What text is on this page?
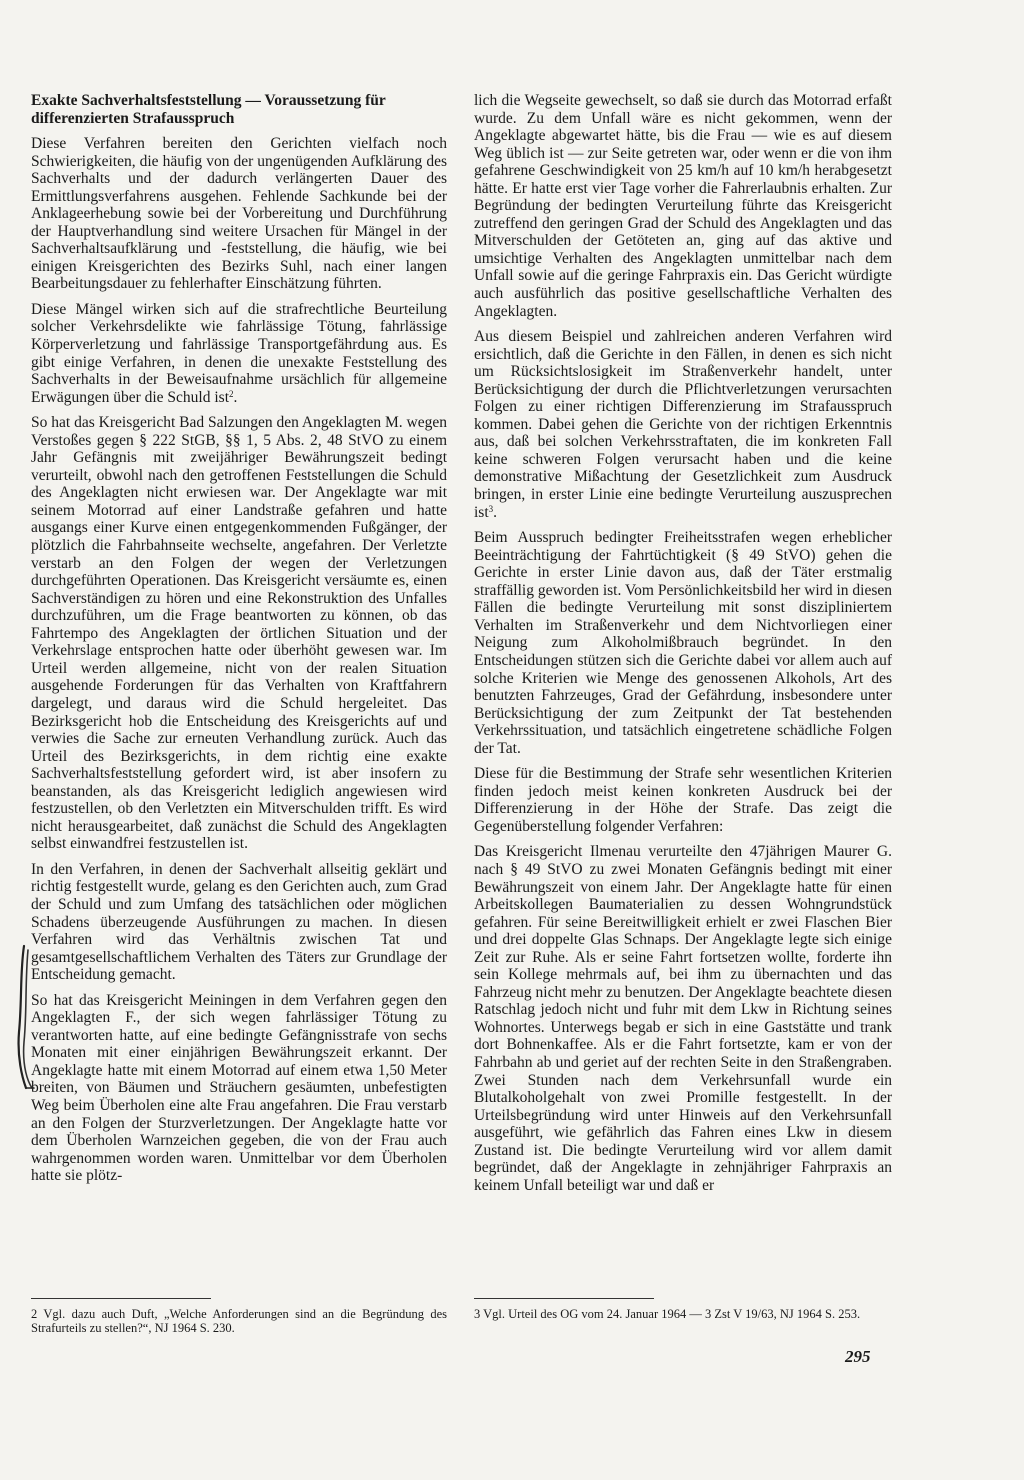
Exakte Sachverhaltsfeststellung — Voraussetzung für
differenzierten Strafausspruch

Diese Verfahren bereiten den Gerichten vielfach noch Schwierigkeiten, die häufig von der ungenügenden Aufklärung des Sachverhalts und der dadurch verlängerten Dauer des Ermittlungsverfahrens ausgehen. Fehlende Sachkunde bei der Anklageerhebung sowie bei der Vorbereitung und Durchführung der Hauptverhandlung sind weitere Ursachen für Mängel in der Sachverhaltsaufklärung und -feststellung, die häufig, wie bei einigen Kreisgerichten des Bezirks Suhl, nach einer langen Bearbeitungsdauer zu fehlerhafter Einschätzung führten.

Diese Mängel wirken sich auf die strafrechtliche Beurteilung solcher Verkehrsdelikte wie fahrlässige Tötung, fahrlässige Körperverletzung und fahrlässige Transportgefährdung aus. Es gibt einige Verfahren, in denen die unexakte Feststellung des Sachverhalts in der Beweisaufnahme ursächlich für allgemeine Erwägungen über die Schuld ist$^2$.

So hat das Kreisgericht Bad Salzungen den Angeklagten M. wegen Verstoßes gegen § 222 StGB, §§ 1, 5 Abs. 2, 48 StVO zu einem Jahr Gefängnis mit zweijähriger Bewährungszeit bedingt verurteilt, obwohl nach den getroffenen Feststellungen die Schuld des Angeklagten nicht erwiesen war. Der Angeklagte war mit seinem Motorrad auf einer Landstraße gefahren und hatte ausgangs einer Kurve einen entgegenkommenden Fußgänger, der plötzlich die Fahrbahnseite wechselte, angefahren. Der Verletzte verstarb an den Folgen der wegen der Verletzungen durchgeführten Operationen. Das Kreisgericht versäumte es, einen Sachverständigen zu hören und eine Rekonstruktion des Unfalles durchzuführen, um die Frage beantworten zu können, ob das Fahrtempo des Angeklagten der örtlichen Situation und der Verkehrslage entsprochen hatte oder überhöht gewesen war. Im Urteil werden allgemeine, nicht von der realen Situation ausgehende Forderungen für das Verhalten von Kraftfahrern dargelegt, und daraus wird die Schuld hergeleitet. Das Bezirksgericht hob die Entscheidung des Kreisgerichts auf und verwies die Sache zur erneuten Verhandlung zurück. Auch das Urteil des Bezirksgerichts, in dem richtig eine exakte Sachverhaltsfeststellung gefordert wird, ist aber insofern zu beanstanden, als das Kreisgericht lediglich angewiesen wird festzustellen, ob den Verletzten ein Mitverschulden trifft. Es wird nicht herausgearbeitet, daß zunächst die Schuld des Angeklagten selbst einwandfrei festzustellen ist.

In den Verfahren, in denen der Sachverhalt allseitig geklärt und richtig festgestellt wurde, gelang es den Gerichten auch, zum Grad der Schuld und zum Umfang des tatsächlichen oder möglichen Schadens überzeugende Ausführungen zu machen. In diesen Verfahren wird das Verhältnis zwischen Tat und gesamtgesellschaftlichem Verhalten des Täters zur Grundlage der Entscheidung gemacht.

So hat das Kreisgericht Meiningen in dem Verfahren gegen den Angeklagten F., der sich wegen fahrlässiger Tötung zu verantworten hatte, auf eine bedingte Gefängnisstrafe von sechs Monaten mit einer einjährigen Bewährungszeit erkannt. Der Angeklagte hatte mit einem Motorrad auf einem etwa 1,50 Meter breiten, von Bäumen und Sträuchern gesäumten, unbefestigten Weg beim Überholen eine alte Frau angefahren. Die Frau verstarb an den Folgen der Sturzverletzungen. Der Angeklagte hatte vor dem Überholen Warnzeichen gegeben, die von der Frau auch wahrgenommen worden waren. Unmittelbar vor dem Überholen hatte sie plötz-

lich die Wegseite gewechselt, so daß sie durch das Motorrad erfaßt wurde. Zu dem Unfall wäre es nicht gekommen, wenn der Angeklagte abgewartet hätte, bis die Frau — wie es auf diesem Weg üblich ist — zur Seite getreten war, oder wenn er die von ihm gefahrene Geschwindigkeit von 25 km/h auf 10 km/h herabgesetzt hätte. Er hatte erst vier Tage vorher die Fahrerlaubnis erhalten. Zur Begründung der bedingten Verurteilung führte das Kreisgericht zutreffend den geringen Grad der Schuld des Angeklagten und das Mitverschulden der Getöteten an, ging auf das aktive und umsichtige Verhalten des Angeklagten unmittelbar nach dem Unfall sowie auf die geringe Fahrpraxis ein. Das Gericht würdigte auch ausführlich das positive gesellschaftliche Verhalten des Angeklagten.

Aus diesem Beispiel und zahlreichen anderen Verfahren wird ersichtlich, daß die Gerichte in den Fällen, in denen es sich nicht um Rücksichtslosigkeit im Straßenverkehr handelt, unter Berücksichtigung der durch die Pflichtverletzungen verursachten Folgen zu einer richtigen Differenzierung im Strafausspruch kommen. Dabei gehen die Gerichte von der richtigen Erkenntnis aus, daß bei solchen Verkehrsstraftaten, die im konkreten Fall keine schweren Folgen verursacht haben und die keine demonstrative Mißachtung der Gesetzlichkeit zum Ausdruck bringen, in erster Linie eine bedingte Verurteilung auszusprechen ist$^3$.

Beim Ausspruch bedingter Freiheitsstrafen wegen erheblicher Beeinträchtigung der Fahrtüchtigkeit (§ 49 StVO) gehen die Gerichte in erster Linie davon aus, daß der Täter erstmalig straffällig geworden ist. Vom Persönlichkeitsbild her wird in diesen Fällen die bedingte Verurteilung mit sonst diszipliniertem Verhalten im Straßenverkehr und dem Nichtvorliegen einer Neigung zum Alkoholmißbrauch begründet. In den Entscheidungen stützen sich die Gerichte dabei vor allem auch auf solche Kriterien wie Menge des genossenen Alkohols, Art des benutzten Fahrzeuges, Grad der Gefährdung, insbesondere unter Berücksichtigung der zum Zeitpunkt der Tat bestehenden Verkehrssituation, und tatsächlich eingetretene schädliche Folgen der Tat.

Diese für die Bestimmung der Strafe sehr wesentlichen Kriterien finden jedoch meist keinen konkreten Ausdruck bei der Differenzierung in der Höhe der Strafe. Das zeigt die Gegenüberstellung folgender Verfahren:

Das Kreisgericht Ilmenau verurteilte den 47jährigen Maurer G. nach § 49 StVO zu zwei Monaten Gefängnis bedingt mit einer Bewährungszeit von einem Jahr. Der Angeklagte hatte für einen Arbeitskollegen Baumaterialien zu dessen Wohngrundstück gefahren. Für seine Bereitwilligkeit erhielt er zwei Flaschen Bier und drei doppelte Glas Schnaps. Der Angeklagte legte sich einige Zeit zur Ruhe. Als er seine Fahrt fortsetzen wollte, forderte ihn sein Kollege mehrmals auf, bei ihm zu übernachten und das Fahrzeug nicht mehr zu benutzen. Der Angeklagte beachtete diesen Ratschlag jedoch nicht und fuhr mit dem Lkw in Richtung seines Wohnortes. Unterwegs begab er sich in eine Gaststätte und trank dort Bohnenkaffee. Als er die Fahrt fortsetzte, kam er von der Fahrbahn ab und geriet auf der rechten Seite in den Straßengraben. Zwei Stunden nach dem Verkehrsunfall wurde ein Blutalkoholgehalt von zwei Promille festgestellt. In der Urteilsbegründung wird unter Hinweis auf den Verkehrsunfall ausgeführt, wie gefährlich das Fahren eines Lkw in diesem Zustand ist. Die bedingte Verurteilung wird vor allem damit begründet, daß der Angeklagte in zehnjähriger Fahrpraxis an keinem Unfall beteiligt war und daß er

2 Vgl. dazu auch Duft, „Welche Anforderungen sind an die Begründung des Strafurteils zu stellen?“, NJ 1964 S. 230.
3 Vgl. Urteil des OG vom 24. Januar 1964 — 3 Zst V 19/63, NJ 1964 S. 253.
295
